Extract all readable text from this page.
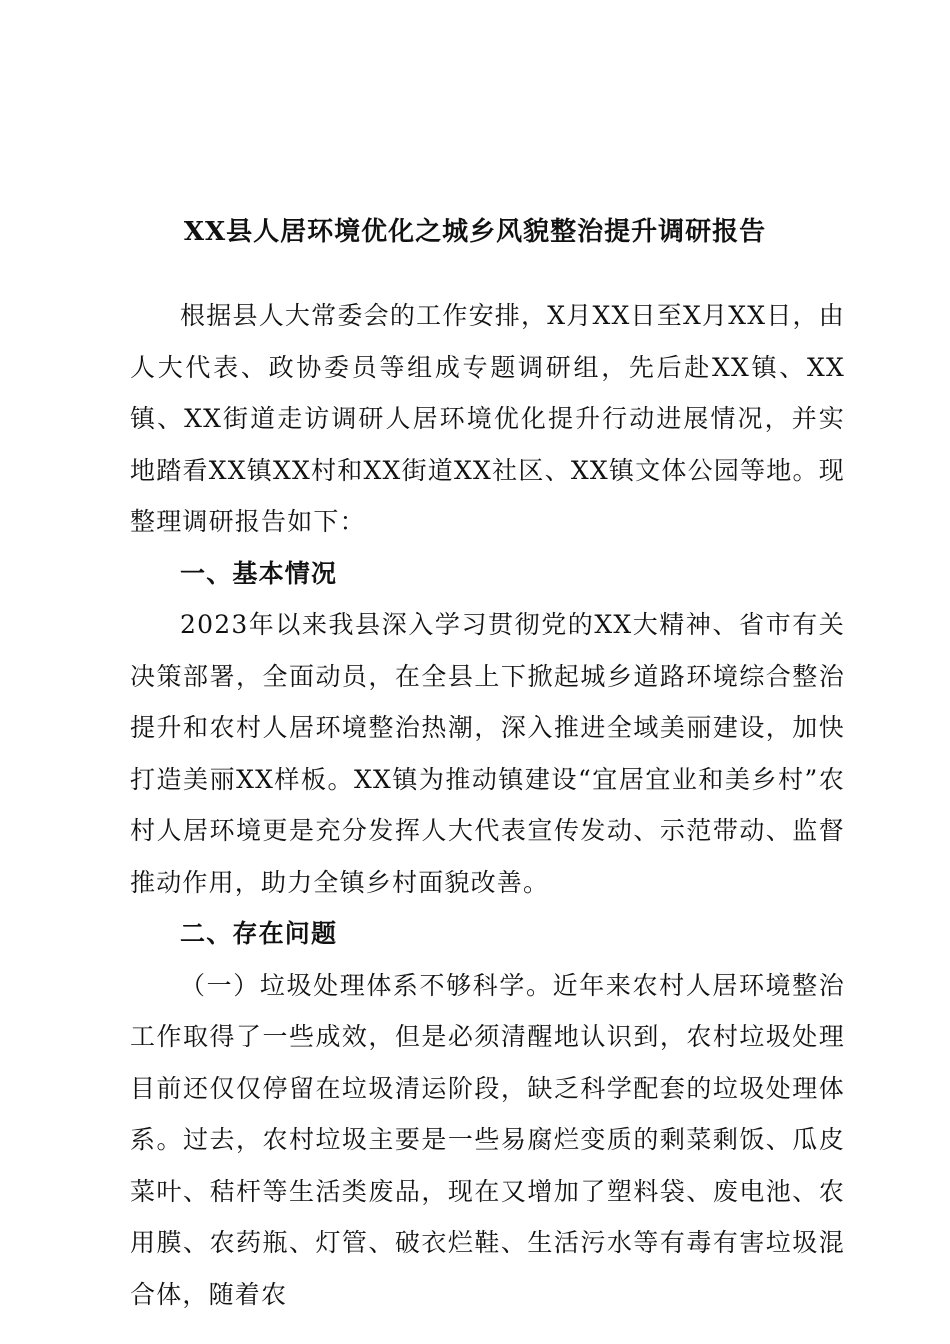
XX县人居环境优化之城乡风貌整治提升调研报告

根据县人大常委会的工作安排，X月XX日至X月XX日，由人大代表、政协委员等组成专题调研组，先后赴XX镇、XX镇、XX街道走访调研人居环境优化提升行动进展情况，并实地踏看XX镇XX村和XX街道XX社区、XX镇文体公园等地。现整理调研报告如下：

一、基本情况

2023年以来我县深入学习贯彻党的XX大精神、省市有关决策部署，全面动员，在全县上下掀起城乡道路环境综合整治提升和农村人居环境整治热潮，深入推进全域美丽建设，加快打造美丽XX样板。XX镇为推动镇建设“宜居宜业和美乡村”农村人居环境更是充分发挥人大代表宣传发动、示范带动、监督推动作用，助力全镇乡村面貌改善。

二、存在问题

（一）垃圾处理体系不够科学。近年来农村人居环境整治工作取得了一些成效，但是必须清醒地认识到，农村垃圾处理目前还仅仅停留在垃圾清运阶段，缺乏科学配套的垃圾处理体系。过去，农村垃圾主要是一些易腐烂变质的剩菜剩饭、瓜皮菜叶、秸杆等生活类废品，现在又增加了塑料袋、废电池、农用膜、农药瓶、灯管、破衣烂鞋、生活污水等有毒有害垃圾混合体，随着农
